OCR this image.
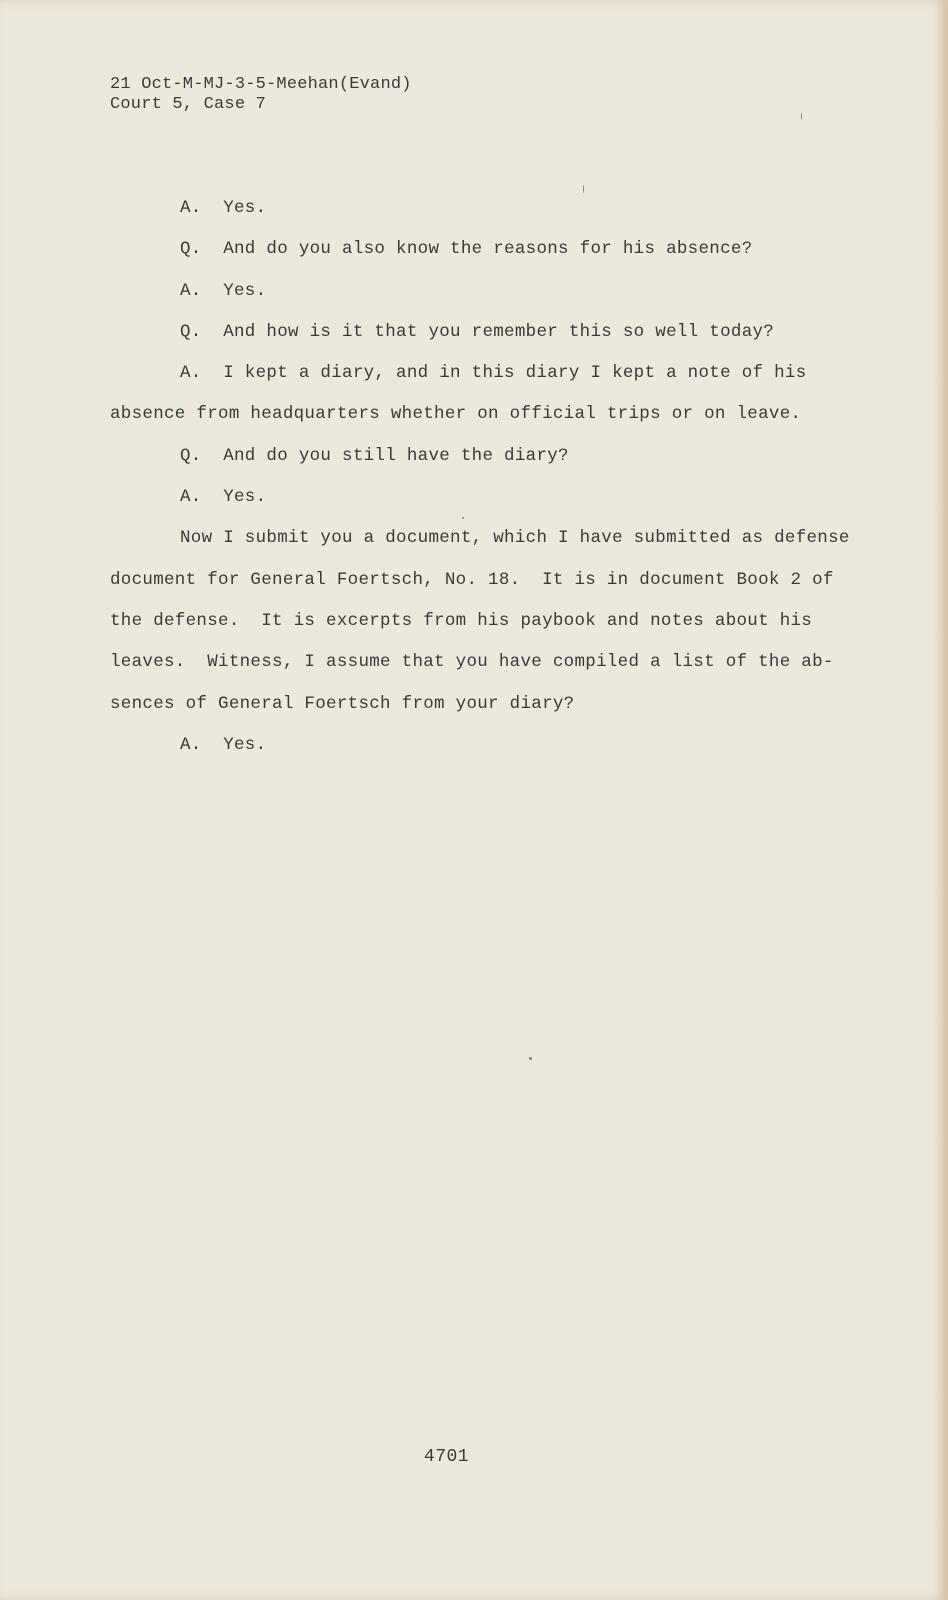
21 Oct-M-MJ-3-5-Meehan(Evand)
Court 5, Case 7
A.  Yes.
Q.  And do you also know the reasons for his absence?
A.  Yes.
Q.  And how is it that you remember this so well today?
A.  I kept a diary, and in this diary I kept a note of his
absence from headquarters whether on official trips or on leave.
Q.  And do you still have the diary?
A.  Yes.
Now I submit you a document, which I have submitted as defense
document for General Foertsch, No. 18.  It is in document Book 2 of
the defense.  It is excerpts from his paybook and notes about his
leaves.  Witness, I assume that you have compiled a list of the ab-
sences of General Foertsch from your diary?
A.  Yes.
4701
